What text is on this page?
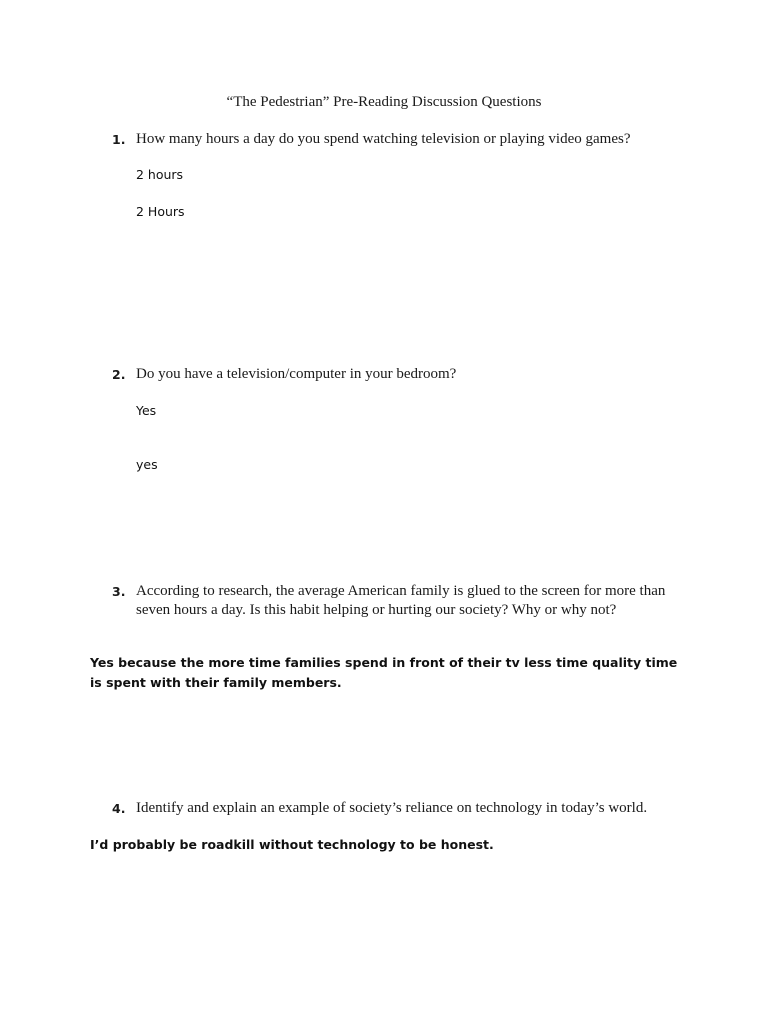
“The Pedestrian” Pre-Reading Discussion Questions
1. How many hours a day do you spend watching television or playing video games?
2 hours
2 Hours
2. Do you have a television/computer in your bedroom?
Yes
yes
3. According to research, the average American family is glued to the screen for more than seven hours a day. Is this habit helping or hurting our society? Why or why not?
Yes because the more time families spend in front of their tv less time quality time is spent with their family members.
4. Identify and explain an example of society’s reliance on technology in today’s world.
I’d probably be roadkill without technology to be honest.
